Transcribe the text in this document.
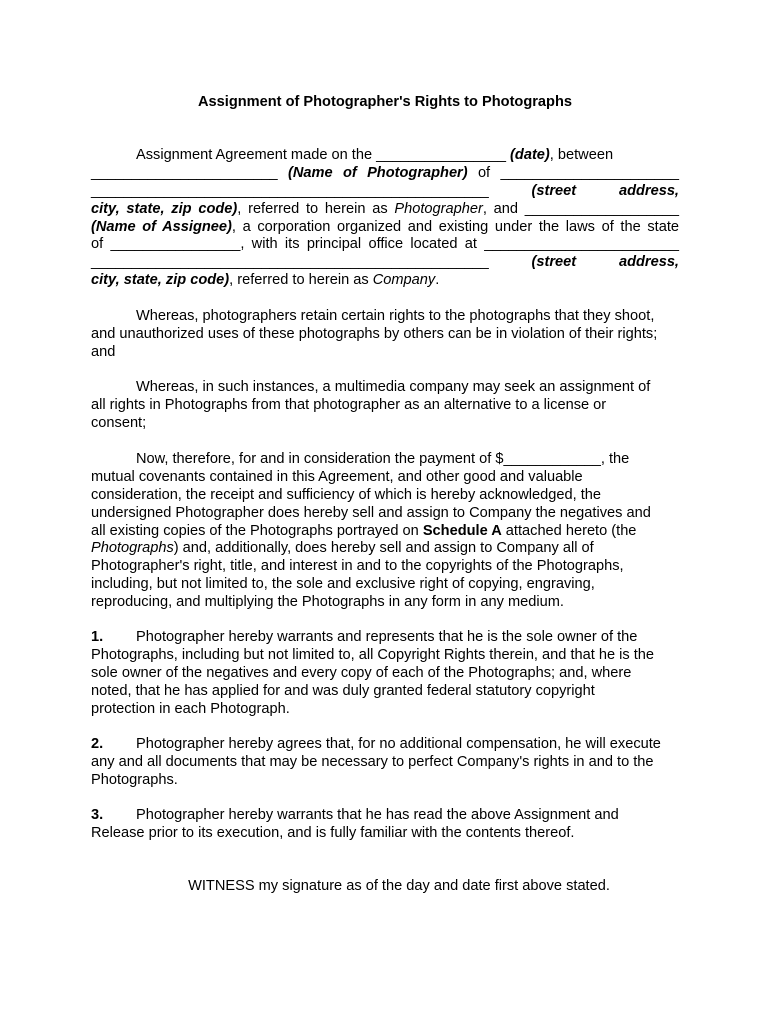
Assignment of Photographer's Rights to Photographs
Assignment Agreement made on the ________________ (date), between
_______________________ (Name of Photographer) of ______________________
_________________________________________________ (street address,
city, state, zip code), referred to herein as Photographer, and ___________________
(Name of Assignee), a corporation organized and existing under the laws of the state
of ________________, with its principal office located at ________________________
_________________________________________________ (street address,
city, state, zip code), referred to herein as Company.
Whereas, photographers retain certain rights to the photographs that they shoot,
and unauthorized uses of these photographs by others can be in violation of their rights;
and
Whereas, in such instances, a multimedia company may seek an assignment of
all rights in Photographs from that photographer as an alternative to a license or
consent;
Now, therefore, for and in consideration the payment of $____________, the
mutual covenants contained in this Agreement, and other good and valuable
consideration, the receipt and sufficiency of which is hereby acknowledged, the
undersigned Photographer does hereby sell and assign to Company the negatives and
all existing copies of the Photographs portrayed on Schedule A attached hereto (the
Photographs) and, additionally, does hereby sell and assign to Company all of
Photographer's right, title, and interest in and to the copyrights of the Photographs,
including, but not limited to, the sole and exclusive right of copying, engraving,
reproducing, and multiplying the Photographs in any form in any medium.
1. Photographer hereby warrants and represents that he is the sole owner of the
Photographs, including but not limited to, all Copyright Rights therein, and that he is the
sole owner of the negatives and every copy of each of the Photographs; and, where
noted, that he has applied for and was duly granted federal statutory copyright
protection in each Photograph.
2. Photographer hereby agrees that, for no additional compensation, he will execute
any and all documents that may be necessary to perfect Company's rights in and to the
Photographs.
3. Photographer hereby warrants that he has read the above Assignment and
Release prior to its execution, and is fully familiar with the contents thereof.
WITNESS my signature as of the day and date first above stated.
